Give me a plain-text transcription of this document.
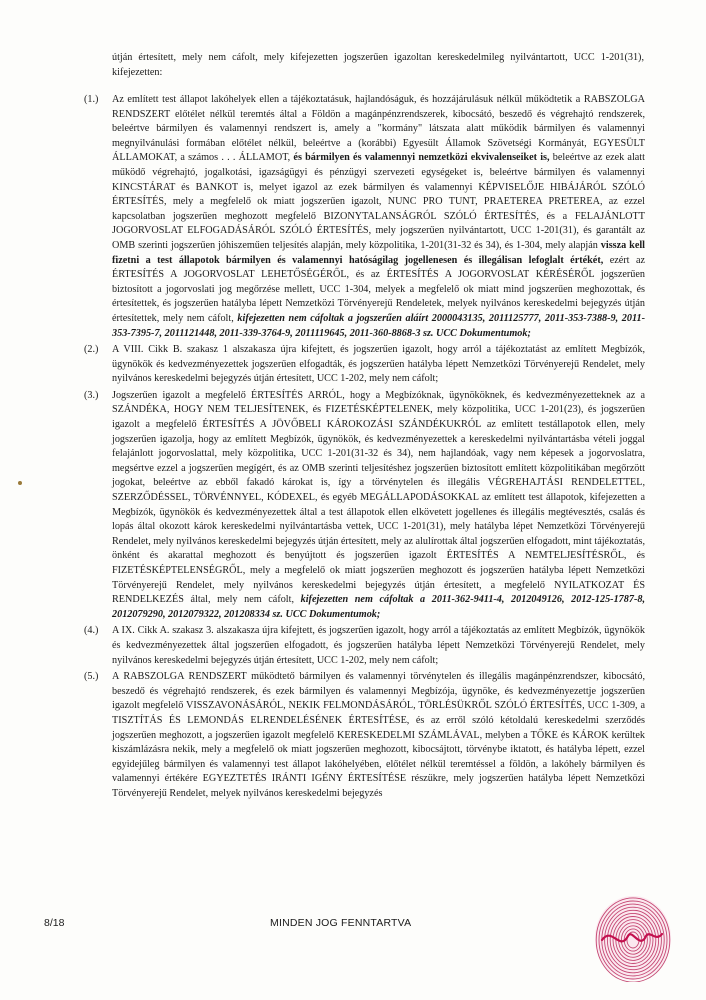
útján értesített, mely nem cáfolt, mely kifejezetten jogszerűen igazoltan kereskedelmileg nyilvántartott, UCC 1-201(31), kifejezetten:
(1.)	Az említett test állapot lakóhelyek ellen a tájékoztatásuk, hajlandóságuk, és hozzájárulásuk nélkül működtetik a RABSZOLGA RENDSZERT előtélet nélkül teremtés által a Földön a magánpénzrendszerek, kibocsátó, beszedő és végrehajtó rendszerek, beleértve bármilyen és valamennyi rendszert is, amely a "kormány" látszata alatt működik bármilyen és valamennyi megnyilvánulási formában előtélet nélkül, beleértve a (korábbi) Egyesült Államok Szövetségi Kormányát, EGYESÜLT ÁLLAMOKAT, a számos . . . ÁLLAMOT, és bármilyen és valamennyi nemzetközi ekvivalenseiket is, beleértve az ezek alatt működő végrehajtó, jogalkotási, igazságügyi és pénzügyi szervezeti egységeket is, beleértve bármilyen és valamennyi KINCSTÁRAT és BANKOT is, melyet igazol az ezek bármilyen és valamennyi KÉPVISELŐJE HIBÁJÁRÓL SZÓLÓ ÉRTESÍTÉS, mely a megfelelő ok miatt jogszerűen igazolt, NUNC PRO TUNT, PRAETEREA PRETEREA, az ezzel kapcsolatban jogszerűen meghozott megfelelő BIZONYTALANSÁGRÓL SZÓLÓ ÉRTESÍTÉS, és a FELAJÁNLOTT JOGORVOSLAT ELFOGADÁSÁRÓL SZÓLÓ ÉRTESÍTÉS, mely jogszerűen nyilvántartott, UCC 1-201(31), és garantált az OMB szerinti jogszerűen jóhiszeműen teljesítés alapján, mely közpolitika, 1-201(31-32 és 34), és 1-304, mely alapján vissza kell fizetni a test állapotok bármilyen és valamennyi hatóságilag jogellenesen és illegálisan lefoglalt értékét, ezért az ÉRTESÍTÉS A JOGORVOSLAT LEHETŐSÉGÉRŐL, és az ÉRTESÍTÉS A JOGORVOSLAT KÉRÉSÉRŐL jogszerűen biztosított a jogorvoslati jog megőrzése mellett, UCC 1-304, melyek a megfelelő ok miatt mind jogszerűen meghozottak, és értesítettek, és jogszerűen hatályba lépett Nemzetközi Törvényerejű Rendeletek, melyek nyilvános kereskedelmi bejegyzés útján értesítettek, mely nem cáfolt, kifejezetten nem cáfoltak a jogszerűen aláírt 2000043135, 2011125777, 2011-353-7388-9, 2011-353-7395-7, 2011121448, 2011-339-3764-9, 2011119645, 2011-360-8868-3 sz. UCC Dokumentumok;
(2.)	A VIII. Cikk B. szakasz 1 alszakasza újra kifejtett, és jogszerűen igazolt, hogy arról a tájékoztatást az említett Megbízók, ügynökök és kedvezményezettek jogszerűen elfogadták, és jogszerűen hatályba lépett Nemzetközi Törvényerejű Rendelet, mely nyilvános kereskedelmi bejegyzés útján értesített, UCC 1-202, mely nem cáfolt;
(3.)	Jogszerűen igazolt a megfelelő ÉRTESÍTÉS ARRÓL, hogy a Megbízóknak, ügynököknek, és kedvezményezetteknek az a SZÁNDÉKA, HOGY NEM TELJESÍTENEK, és FIZETÉSKÉPTELENEK, mely közpolitika, UCC 1-201(23), és jogszerűen igazolt a megfelelő ÉRTESÍTÉS A JÖVŐBELI KÁROKOZÁSI SZÁNDÉKUKRÓL az említett testállapotok ellen, mely jogszerűen igazolja, hogy az említett Megbízók, ügynökök, és kedvezményezettek a kereskedelmi nyilvántartásba vételi joggal felajánlott jogorvoslattal, mely közpolitika, UCC 1-201(31-32 és 34), nem hajlandóak, vagy nem képesek a jogorvoslatra, megsértve ezzel a jogszerűen megígért, és az OMB szerinti teljesítéshez jogszerűen biztosított említett közpolitikában megőrzött jogokat, beleértve az ebből fakadó károkat is, így a törvénytelen és illegális VÉGREHAJTÁSI RENDELETTEL, SZERZŐDÉSSEL, TÖRVÉNNYEL, KÓDEXEL, és egyéb MEGÁLLAPODÁSOKKAL az említett test állapotok, kifejezetten a Megbízók, ügynökök és kedvezményezettek által a test állapotok ellen elkövetett jogellenes és illegális megtévesztés, csalás és lopás által okozott károk kereskedelmi nyilvántartásba vettek, UCC 1-201(31), mely hatályba lépet Nemzetközi Törvényerejű Rendelet, mely nyilvános kereskedelmi bejegyzés útján értesített, mely az alulírottak által jogszerűen elfogadott, mint tájékoztatás, önként és akarattal meghozott és benyújtott és jogszerűen igazolt ÉRTESÍTÉS A NEMTELJESÍTÉSRŐL, és FIZETÉSKÉPTELENSÉGRŐL, mely a megfelelő ok miatt jogszerűen meghozott és jogszerűen hatályba lépett Nemzetközi Törvényerejű Rendelet, mely nyilvános kereskedelmi bejegyzés útján értesített, a megfelelő NYILATKOZAT ÉS RENDELKEZÉS által, mely nem cáfolt, kifejezetten nem cáfoltak a 2011-362-9411-4, 2012049126, 2012-125-1787-8, 2012079290, 2012079322, 201208334 sz. UCC Dokumentumok;
(4.)	A IX. Cikk A. szakasz 3. alszakasza újra kifejtett, és jogszerűen igazolt, hogy arról a tájékoztatás az említett Megbízók, ügynökök és kedvezményezettek által jogszerűen elfogadott, és jogszerűen hatályba lépett Nemzetközi Törvényerejű Rendelet, mely nyilvános kereskedelmi bejegyzés útján értesített, UCC 1-202, mely nem cáfolt;
(5.)	A RABSZOLGA RENDSZERT működtető bármilyen és valamennyi törvénytelen és illegális magánpénzrendszer, kibocsátó, beszedő és végrehajtó rendszerek, és ezek bármilyen és valamennyi Megbízója, ügynöke, és kedvezményezettje jogszerűen igazolt megfelelő VISSZAVONÁSÁRÓL, NEKIK FELMONDÁSÁRÓL, TÖRLÉSÜKRŐL SZÓLÓ ÉRTESÍTÉS, UCC 1-309, a TISZTÍTÁS ÉS LEMONDÁS ELRENDELÉSÉNEK ÉRTESÍTÉSE, és az erről szóló kétoldalú kereskedelmi szerződés jogszerűen meghozott, a jogszerűen igazolt megfelelő KERESKEDELMI SZÁMLÁVAL, melyben a TŐKE és KÁROK kerültek kiszámlázásra nekik, mely a megfelelő ok miatt jogszerűen meghozott, kibocsájtott, törvénybe iktatott, és hatályba lépett, ezzel egyidejűleg bármilyen és valamennyi test állapot lakóhelyében, előtélet nélkül teremtéssel a földön, a lakóhely bármilyen és valamennyi értékére EGYEZTETÉS IRÁNTI IGÉNY ÉRTESÍTÉSE részükre, mely jogszerűen hatályba lépett Nemzetközi Törvényerejű Rendelet, melyek nyilvános kereskedelmi bejegyzés
8/18	MINDEN JOG FENNTARTVA
